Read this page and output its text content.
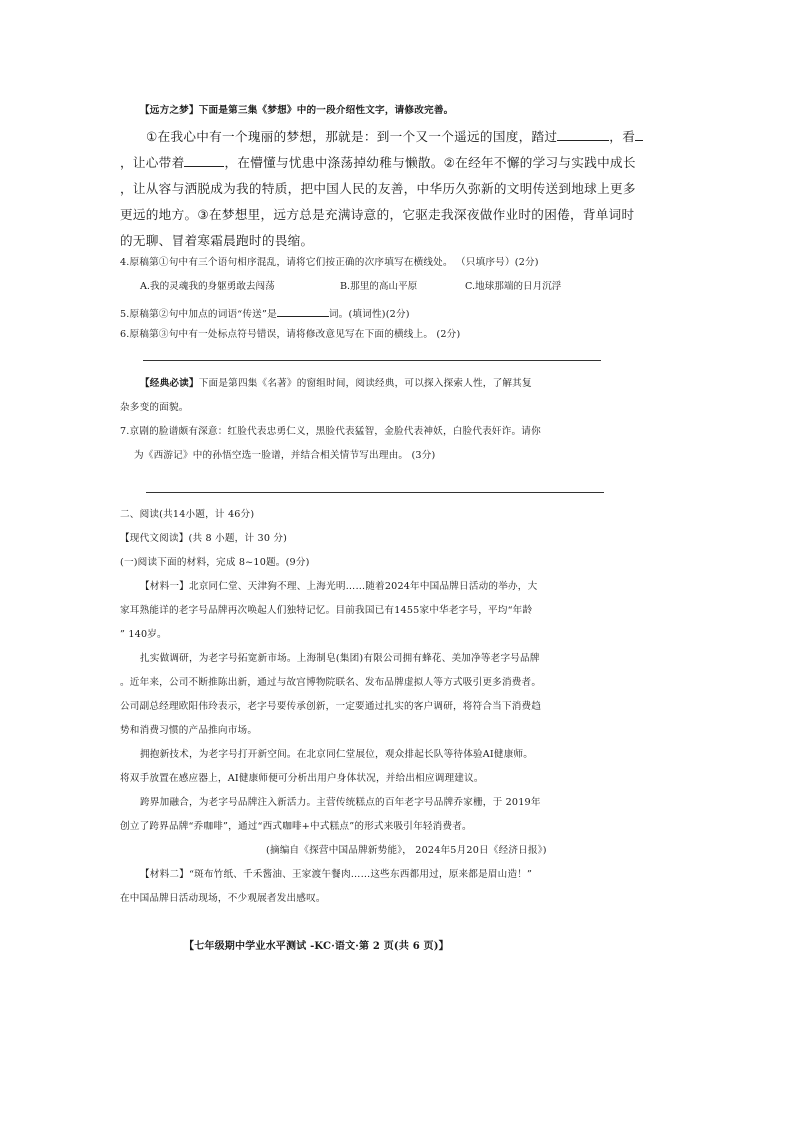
【远方之梦】下面是第三集《梦想》中的一段介绍性文字，请修改完善。
①在我心中有一个瑰丽的梦想，那就是：到一个又一个遥远的国度，踏过	，看
，让心带着	，在懵懂与忧患中涤荡掉幼稚与懒散。②在经年不懈的学习与实践中成长
，让从容与洒脱成为我的特质，把中国人民的友善，中华历久弥新的文明传送到地球上更多
更远的地方。③在梦想里，远方总是充满诗意的，它驱走我深夜做作业时的困倦，背单词时
的无聊、冒着寒霜晨跑时的畏缩。
4.原稿第①句中有三个语句相序混乱，请将它们按正确的次序填写在横线处。 （只填序号）(2分)
A.我的灵魂我的身躯勇敢去闯荡	B.那里的高山平原	C.地球那端的日月沉浮
5.原稿第②句中加点的词语“传送”是	词。(填词性)(2分)
6.原稿第③句中有一处标点符号错误，请将修改意见写在下面的横线上。 (2分)
【经典必读】下面是第四集《名著》的窗组时间，阅读经典，可以探入探索人性，了解其复
杂多变的面貌。
7.京剧的脸谱颇有深意：红脸代表忠勇仁义，黑脸代表猛智，金脸代表神妖，白脸代表奸诈。请你
为《西游记》中的孙悟空选一脸谱，并结合相关情节写出理由。 (3分)
二、阅读(共14小题，计 46分)
【现代文阅读】(共 8 小题，计 30 分)
(一)阅读下面的材料，完成 8~10题。(9分)
【材料一】北京同仁堂、天津狗不理、上海光明……随着2024年中国品牌日活动的举办，大
家耳熟能详的老字号品牌再次唤起人们独特记忆。目前我国已有1455家中华老字号，平均“年龄
” 140岁。
扎实做调研，为老字号拓宽新市场。上海制皂(集团)有限公司拥有蜂花、美加净等老字号品牌
。近年来，公司不断推陈出新，通过与故宫博物院联名、发布品牌虚拟人等方式吸引更多消费者。
公司副总经理欧阳伟玲表示，老字号要传承创新，一定要通过扎实的客户调研，将符合当下消费趋
势和消费习惯的产品推向市场。
拥抱新技术，为老字号打开新空间。在北京同仁堂展位，观众排起长队等待体验AI健康师。
将双手放置在感应器上，AI健康师便可分析出用户身体状况，并给出相应调理建议。
跨界加融合，为老字号品牌注入新活力。主营传统糕点的百年老字号品牌乔家栅，于 2019年
创立了跨界品牌“乔咖啡”，通过“西式咖啡+中式糕点”的形式来吸引年轻消费者。
(摘编自《探营中国品牌新势能》， 2024年5月20日《经济日报》)
【材料二】“斑布竹纸、千禾酱油、王家渡午餐肉……这些东西都用过，原来都是眉山造！”
在中国品牌日活动现场，不少观展者发出感叹。
【七年级期中学业水平测试 -KC·语文·第 2 页(共 6 页)】
